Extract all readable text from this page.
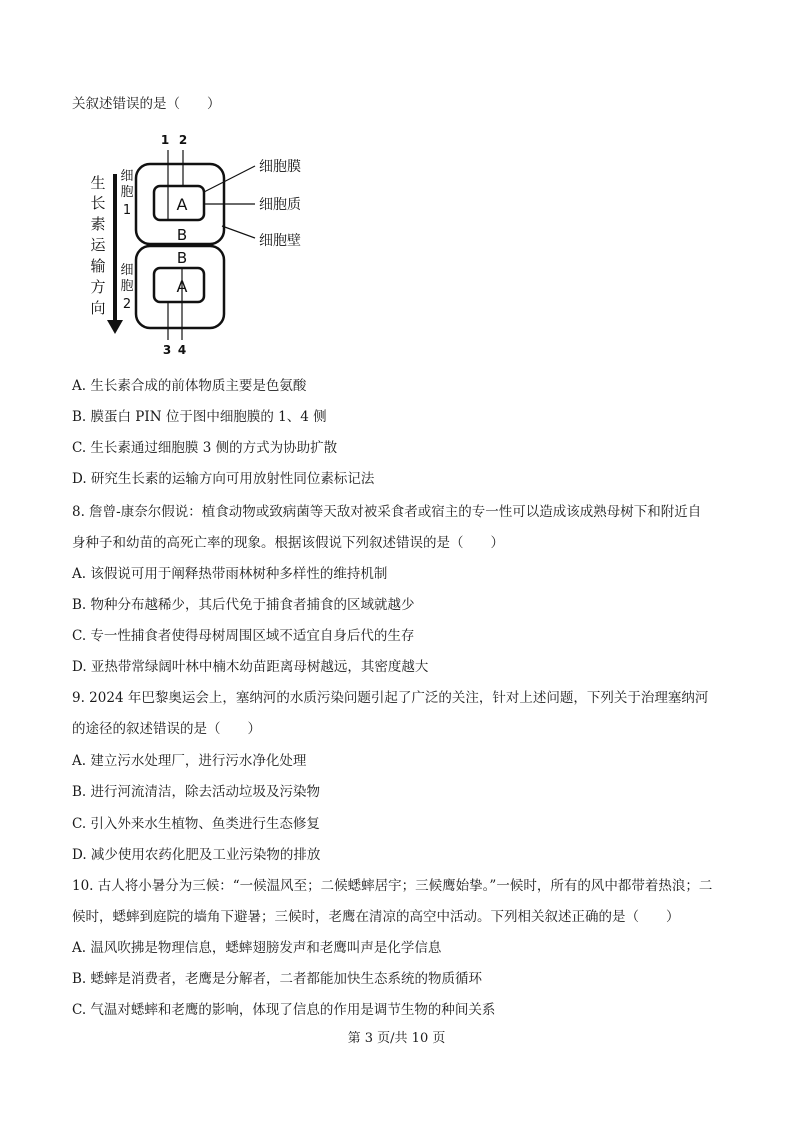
关叙述错误的是（　　）
生
长
素
运
输
方
向
细
胞
1
细
胞
2
A
B
B
A
1 2
3 4
细胞膜
细胞质
细胞壁
A. 生长素合成的前体物质主要是色氨酸
B. 膜蛋白 PIN 位于图中细胞膜的 1、4 侧
C. 生长素通过细胞膜 3 侧的方式为协助扩散
D. 研究生长素的运输方向可用放射性同位素标记法
8. 詹曾-康奈尔假说：植食动物或致病菌等天敌对被采食者或宿主的专一性可以造成该成熟母树下和附近自
身种子和幼苗的高死亡率的现象。根据该假说下列叙述错误的是（　　）
A. 该假说可用于阐释热带雨林树种多样性的维持机制
B. 物种分布越稀少，其后代免于捕食者捕食的区域就越少
C. 专一性捕食者使得母树周围区域不适宜自身后代的生存
D. 亚热带常绿阔叶林中楠木幼苗距离母树越远，其密度越大
9. 2024 年巴黎奥运会上，塞纳河的水质污染问题引起了广泛的关注，针对上述问题，下列关于治理塞纳河
的途径的叙述错误的是（　　）
A. 建立污水处理厂，进行污水净化处理
B. 进行河流清洁，除去活动垃圾及污染物
C. 引入外来水生植物、鱼类进行生态修复
D. 减少使用农药化肥及工业污染物的排放
10. 古人将小暑分为三候：“一候温风至；二候蟋蟀居宇；三候鹰始挚。”一候时，所有的风中都带着热浪；二
候时，蟋蟀到庭院的墙角下避暑；三候时，老鹰在清凉的高空中活动。下列相关叙述正确的是（　　）
A. 温风吹拂是物理信息，蟋蟀翅膀发声和老鹰叫声是化学信息
B. 蟋蟀是消费者，老鹰是分解者，二者都能加快生态系统的物质循环
C. 气温对蟋蟀和老鹰的影响，体现了信息的作用是调节生物的种间关系
第 3 页/共 10 页
